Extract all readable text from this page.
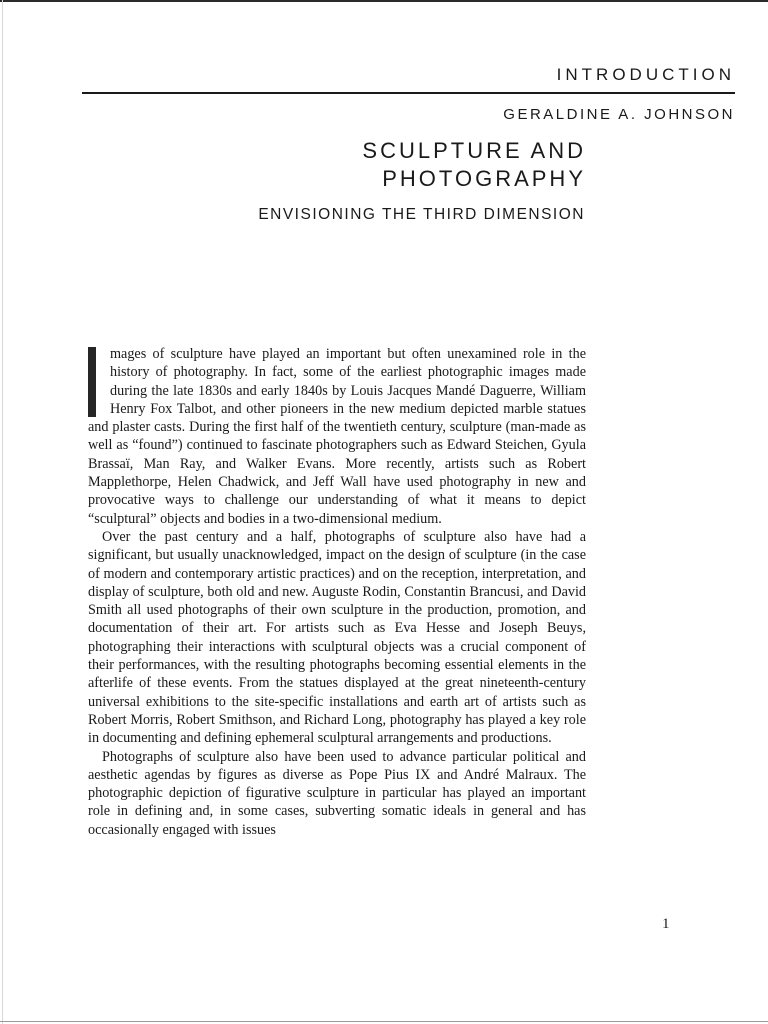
INTRODUCTION

GERALDINE A. JOHNSON

SCULPTURE AND
PHOTOGRAPHY
ENVISIONING THE THIRD DIMENSION

mages of sculpture have played an important but often unexamined role in the history of photography. In fact, some of the earliest photographic images made during the late 1830s and early 1840s by Louis Jacques Mandé Daguerre, William Henry Fox Talbot, and other pioneers in the new medium depicted marble statues and plaster casts. During the first half of the twentieth century, sculpture (man-made as well as “found”) continued to fascinate photographers such as Edward Steichen, Gyula Brassaï, Man Ray, and Walker Evans. More recently, artists such as Robert Mapplethorpe, Helen Chadwick, and Jeff Wall have used photography in new and provocative ways to challenge our understanding of what it means to depict “sculptural” objects and bodies in a two-dimensional medium.

Over the past century and a half, photographs of sculpture also have had a significant, but usually unacknowledged, impact on the design of sculpture (in the case of modern and contemporary artistic practices) and on the reception, interpretation, and display of sculpture, both old and new. Auguste Rodin, Constantin Brancusi, and David Smith all used photographs of their own sculpture in the production, promotion, and documentation of their art. For artists such as Eva Hesse and Joseph Beuys, photographing their interactions with sculptural objects was a crucial component of their performances, with the resulting photographs becoming essential elements in the afterlife of these events. From the statues displayed at the great nineteenth-century universal exhibitions to the site-specific installations and earth art of artists such as Robert Morris, Robert Smithson, and Richard Long, photography has played a key role in documenting and defining ephemeral sculptural arrangements and productions.

Photographs of sculpture also have been used to advance particular political and aesthetic agendas by figures as diverse as Pope Pius IX and André Malraux. The photographic depiction of figurative sculpture in particular has played an important role in defining and, in some cases, subverting somatic ideals in general and has occasionally engaged with issues

1
